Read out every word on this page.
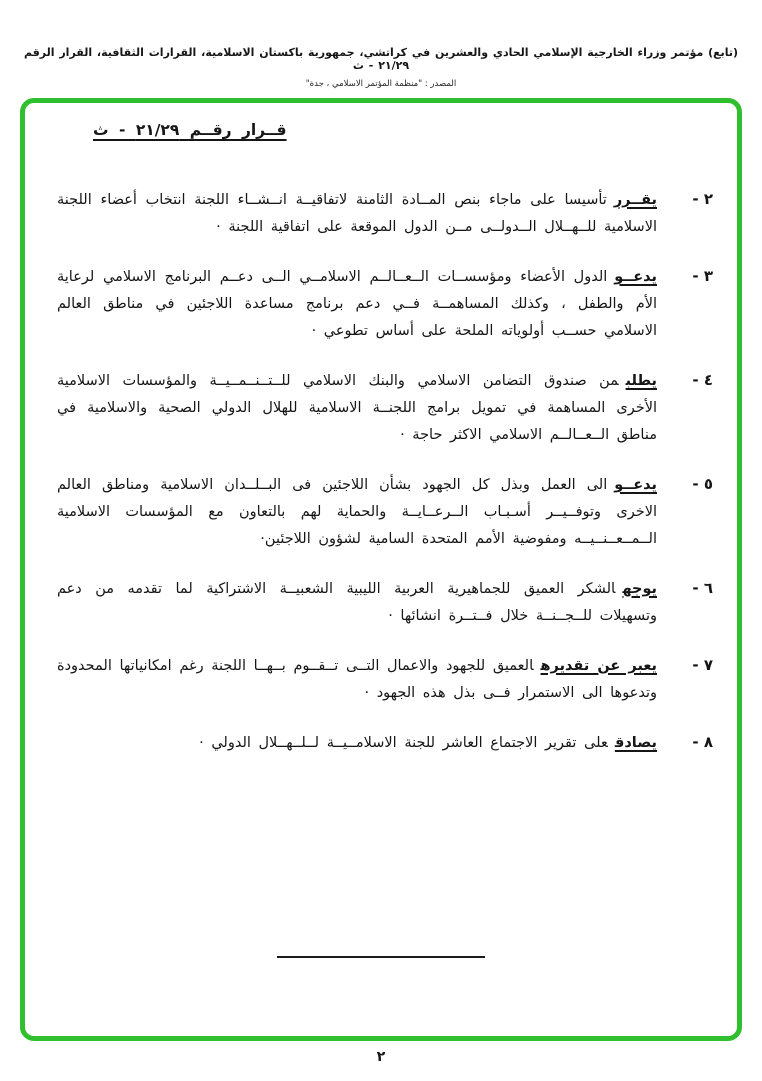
(تابع) مؤتمر وزراء الخارجية الإسلامي الحادي والعشرين في كراتشي، جمهورية باكستان الاسلامية، القرارات الثقافية، القرار الرقم ٢١/٢٩ - ث
المصدر : "منظمة المؤتمر الاسلامي ، جدة"
قــرار رقــم ٢١/٢٩ - ث
٢ -
يقــررتأسيسا على ماجاء بنص المــادة الثامنة لاتفاقيــة انــشــاء اللجنة انتخاب أعضاء اللجنة الاسلامية للــهــلال الــدولــى مــن الدول الموقعة على اتفاقية اللجنة ·
٣ -
يدعــوالدول الأعضاء ومؤسســات الــعــالــم الاسلامــي الــى دعــم البرنامج الاسلامي لرعاية الأم والطفل ، وكذلك المساهمــة فــي دعم برنامج مساعدة اللاجئين في مناطق العالم الاسلامي حســب أولوياته الملحة على أساس تطوعي ·
٤ -
يطلبمن صندوق التضامن الاسلامي والبنك الاسلامي للــتــنــمــيــة والمؤسسات الاسلامية الأخرى المساهمة في تمويل برامج اللجنــة الاسلامية للهلال الدولي الصحية والاسلامية في مناطق الــعــالــم الاسلامي الاكثر حاجة ·
٥ -
يدعــوالى العمل وبذل كل الجهود بشأن اللاجئين فى البــلــدان الاسلامية ومناطق العالم الاخرى وتوفــيــر أسـبـاب الــرعــايــة والحماية لهم بالتعاون مع المؤسسات الاسلامية الــمــعــنــيــه ومفوضية الأمم المتحدة السامية لشؤون اللاجئين·
٦ -
يوجهالشكر العميق للجماهيرية العربية الليبية الشعبيــة الاشتراكية لما تقدمه من دعم وتسهيلات للــجــنــة خلال فــتــرة انشائها ·
٧ -
يعبر عن تقديرهالعميق للجهود والاعمال التــى تــقــوم بــهــا اللجنة رغم امكانياتها المحدودة وتدعوها الى الاستمرار فــى بذل هذه الجهود ·
٨ -
يصادقعلى تقرير الاجتماع العاشر للجنة الاسلامــيــة لــلــهــلال الدولي ·
٢
